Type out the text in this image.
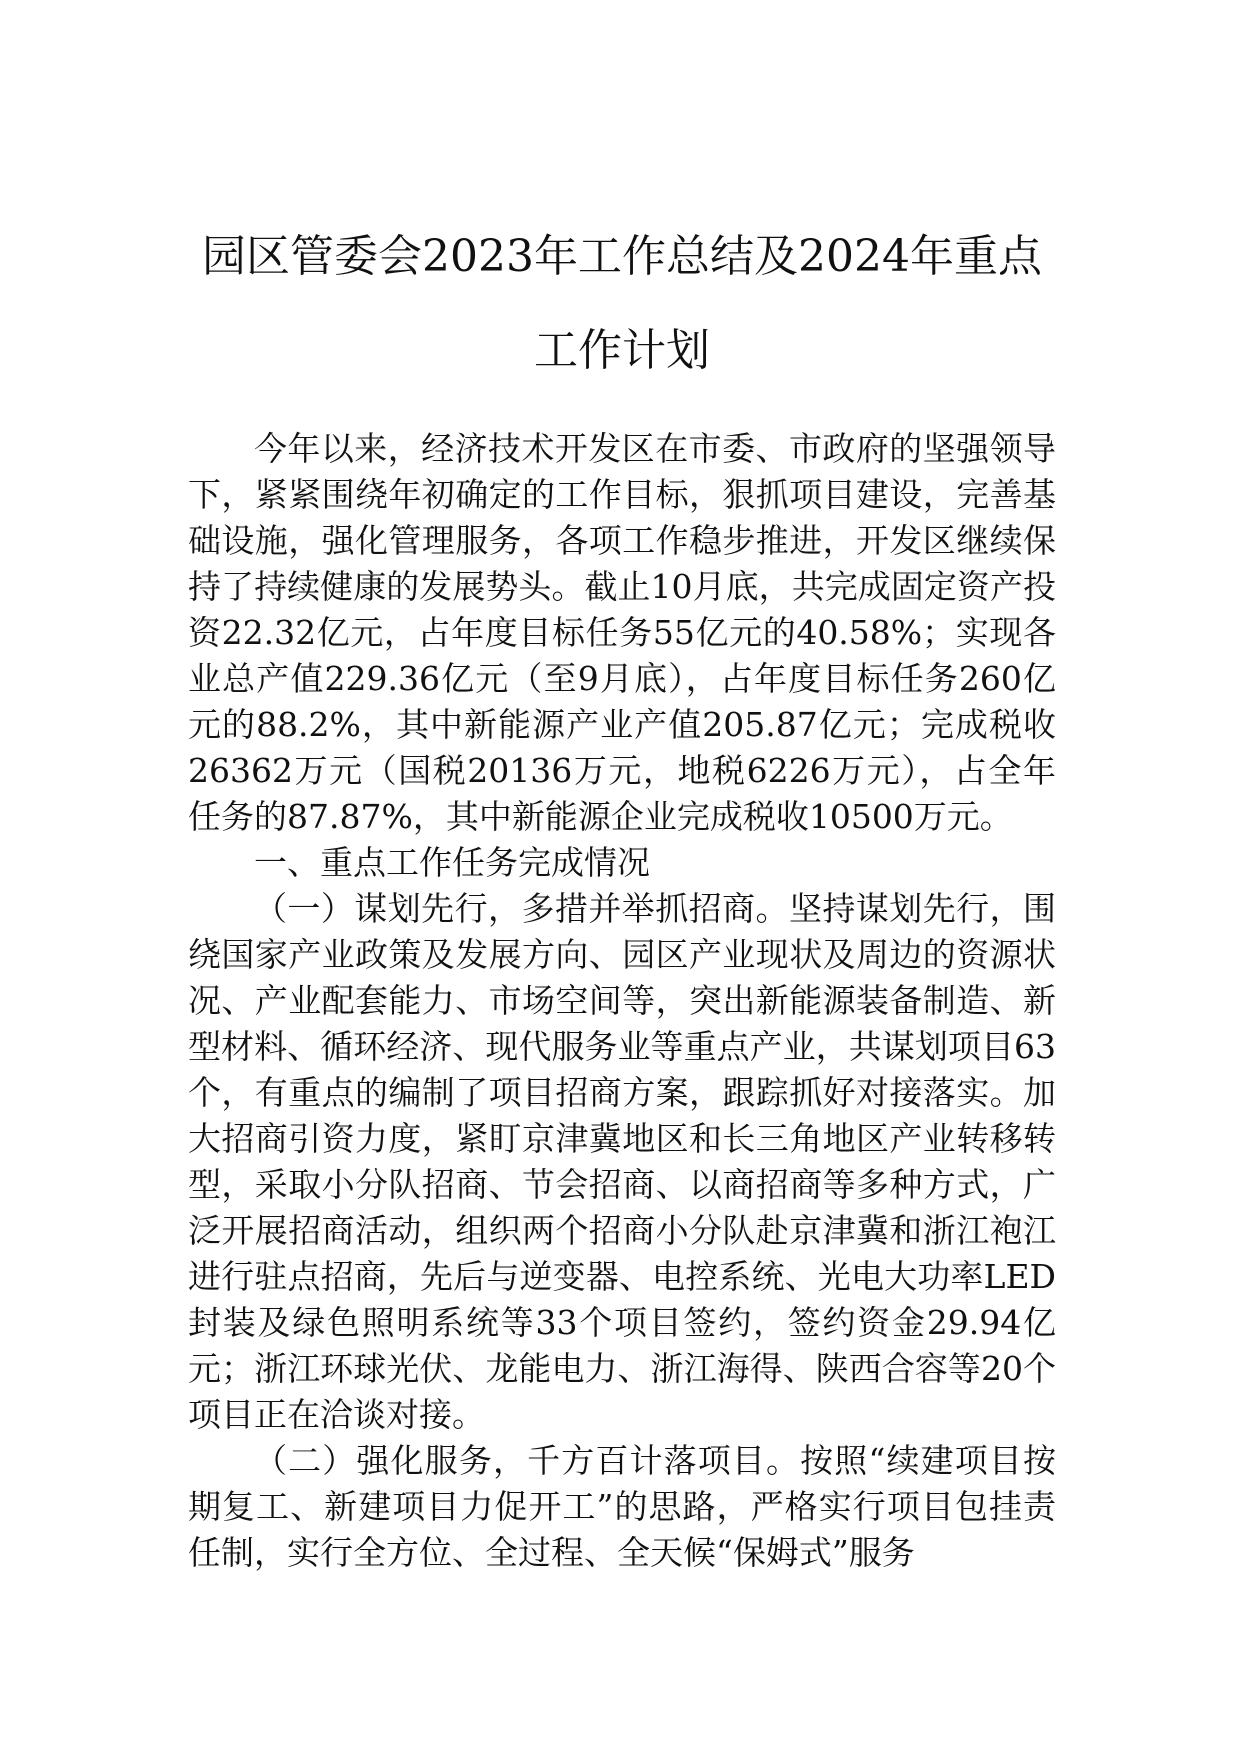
园区管委会2023年工作总结及2024年重点
工作计划

今年以来，经济技术开发区在市委、市政府的坚强领导下，紧紧围绕年初确定的工作目标，狠抓项目建设，完善基础设施，强化管理服务，各项工作稳步推进，开发区继续保持了持续健康的发展势头。截止10月底，共完成固定资产投资22.32亿元，占年度目标任务55亿元的40.58%；实现各业总产值229.36亿元（至9月底），占年度目标任务260亿元的88.2%，其中新能源产业产值205.87亿元；完成税收26362万元（国税20136万元，地税6226万元），占全年任务的87.87%，其中新能源企业完成税收10500万元。

一、重点工作任务完成情况

（一）谋划先行，多措并举抓招商。坚持谋划先行，围绕国家产业政策及发展方向、园区产业现状及周边的资源状况、产业配套能力、市场空间等，突出新能源装备制造、新型材料、循环经济、现代服务业等重点产业，共谋划项目63个，有重点的编制了项目招商方案，跟踪抓好对接落实。加大招商引资力度，紧盯京津冀地区和长三角地区产业转移转型，采取小分队招商、节会招商、以商招商等多种方式，广泛开展招商活动，组织两个招商小分队赴京津冀和浙江袍江进行驻点招商，先后与逆变器、电控系统、光电大功率LED封装及绿色照明系统等33个项目签约，签约资金29.94亿元；浙江环球光伏、龙能电力、浙江海得、陕西合容等20个项目正在洽谈对接。

（二）强化服务，千方百计落项目。按照“续建项目按期复工、新建项目力促开工”的思路，严格实行项目包挂责任制，实行全方位、全过程、全天候“保姆式”服务
